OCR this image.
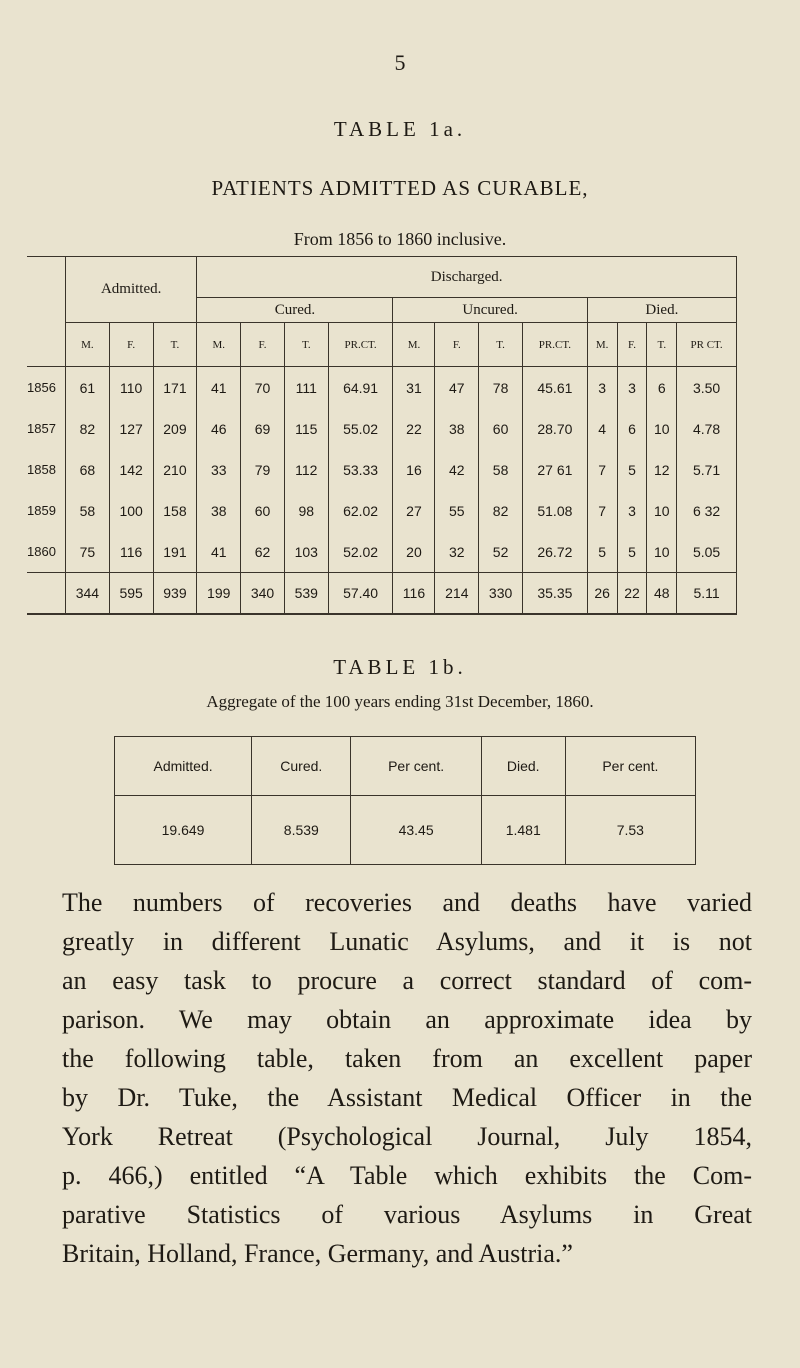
5
TABLE 1a.
PATIENTS ADMITTED AS CURABLE,
From 1856 to 1860 inclusive.
	Admitted.			Discharged.											
				Cured.				Uncured.				Died.			
	M.	F.	T.	M.	F.	T.	PR.CT.	M.	F.	T.	PR.CT.	M.	F.	T.	PR CT.
1856	61	110	171	41	70	111	64.91	31	47	78	45.61	3	3	6	3.50
1857	82	127	209	46	69	115	55.02	22	38	60	28.70	4	6	10	4.78
1858	68	142	210	33	79	112	53.33	16	42	58	27 61	7	5	12	5.71
1859	58	100	158	38	60	98	62.02	27	55	82	51.08	7	3	10	6 32
1860	75	116	191	41	62	103	52.02	20	32	52	26.72	5	5	10	5.05
	344	595	939	199	340	539	57.40	116	214	330	35.35	26	22	48	5.11
TABLE 1b.
Aggregate of the 100 years ending 31st December, 1860.
Admitted.	Cured.	Per cent.	Died.	Per cent.
19.649	8.539	43.45	1.481	7.53
The numbers of recoveries and deaths have varied
greatly in different Lunatic Asylums, and it is not
an easy task to procure a correct standard of com-
parison. We may obtain an approximate idea by
the following table, taken from an excellent paper
by Dr. Tuke, the Assistant Medical Officer in the
York Retreat (Psychological Journal, July 1854,
p. 466,) entitled “A Table which exhibits the Com-
parative Statistics of various Asylums in Great
Britain, Holland, France, Germany, and Austria.”
